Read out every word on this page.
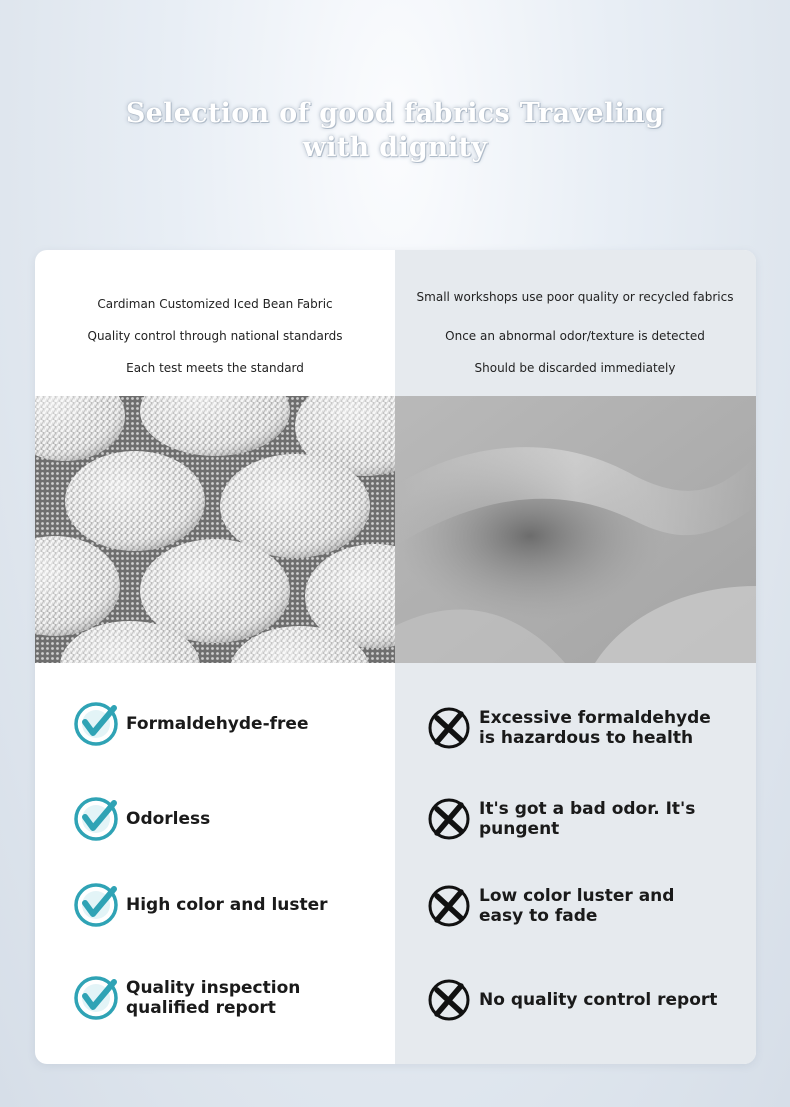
Selection of good fabrics Traveling with dignity
Cardiman Customized Iced Bean Fabric
Quality control through national standards
Each test meets the standard
Small workshops use poor quality or recycled fabrics
Once an abnormal odor/texture is detected
Should be discarded immediately
Formaldehyde-free
Odorless
High color and luster
Quality inspection qualified report
Excessive formaldehyde is hazardous to health
It's got a bad odor. It's pungent
Low color luster and easy to fade
No quality control report
